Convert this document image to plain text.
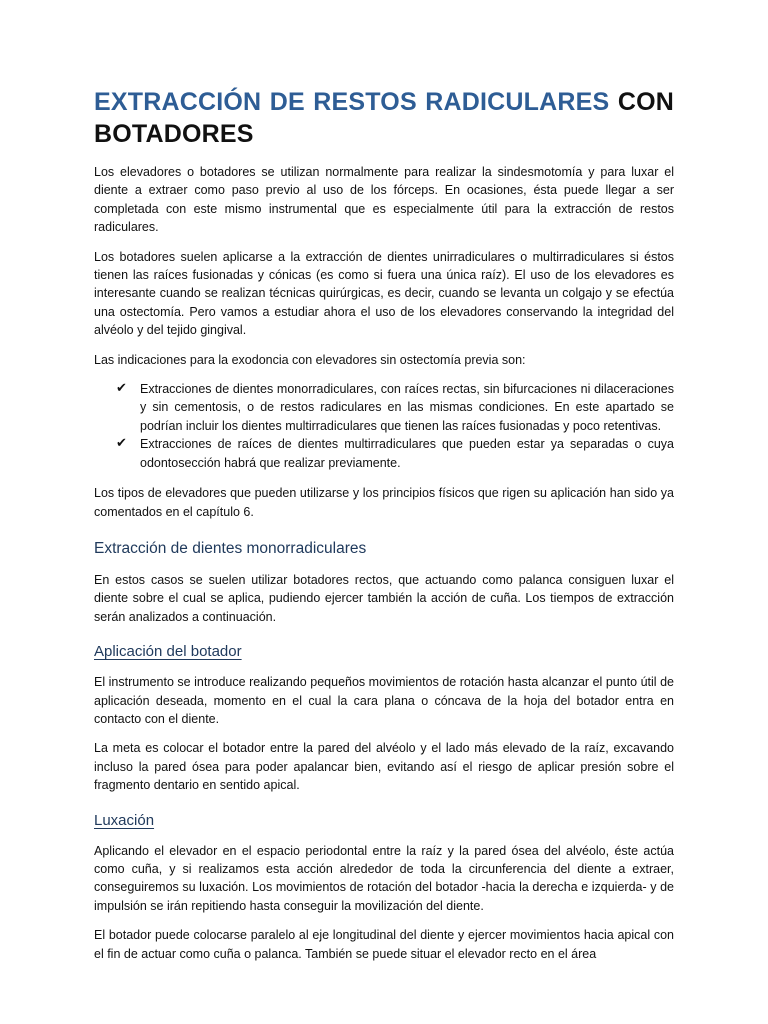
EXTRACCIÓN DE RESTOS RADICULARES CON
BOTADORES

Los elevadores o botadores se utilizan normalmente para realizar la sindesmotomía y para luxar el diente a extraer como paso previo al uso de los fórceps. En ocasiones, ésta puede llegar a ser completada con este mismo instrumental que es especialmente útil para la extracción de restos radiculares.

Los botadores suelen aplicarse a la extracción de dientes unirradiculares o multirradiculares si éstos tienen las raíces fusionadas y cónicas (es como si fuera una única raíz). El uso de los elevadores es interesante cuando se realizan técnicas quirúrgicas, es decir, cuando se levanta un colgajo y se efectúa una ostectomía. Pero vamos a estudiar ahora el uso de los elevadores conservando la integridad del alvéolo y del tejido gingival.

Las indicaciones para la exodoncia con elevadores sin ostectomía previa son:

✔ Extracciones de dientes monorradiculares, con raíces rectas, sin bifurcaciones ni dilaceraciones y sin cementosis, o de restos radiculares en las mismas condiciones. En este apartado se podrían incluir los dientes multirradiculares que tienen las raíces fusionadas y poco retentivas.
✔ Extracciones de raíces de dientes multirradiculares que pueden estar ya separadas o cuya odontosección habrá que realizar previamente.

Los tipos de elevadores que pueden utilizarse y los principios físicos que rigen su aplicación han sido ya comentados en el capítulo 6.

Extracción de dientes monorradiculares

En estos casos se suelen utilizar botadores rectos, que actuando como palanca consiguen luxar el diente sobre el cual se aplica, pudiendo ejercer también la acción de cuña. Los tiempos de extracción serán analizados a continuación.

Aplicación del botador

El instrumento se introduce realizando pequeños movimientos de rotación hasta alcanzar el punto útil de aplicación deseada, momento en el cual la cara plana o cóncava de la hoja del botador entra en contacto con el diente.

La meta es colocar el botador entre la pared del alvéolo y el lado más elevado de la raíz, excavando incluso la pared ósea para poder apalancar bien, evitando así el riesgo de aplicar presión sobre el fragmento dentario en sentido apical.

Luxación

Aplicando el elevador en el espacio periodontal entre la raíz y la pared ósea del alvéolo, éste actúa como cuña, y si realizamos esta acción alrededor de toda la circunferencia del diente a extraer, conseguiremos su luxación. Los movimientos de rotación del botador -hacia la derecha e izquierda- y de impulsión se irán repitiendo hasta conseguir la movilización del diente.

El botador puede colocarse paralelo al eje longitudinal del diente y ejercer movimientos hacia apical con el fin de actuar como cuña o palanca. También se puede situar el elevador recto en el área
